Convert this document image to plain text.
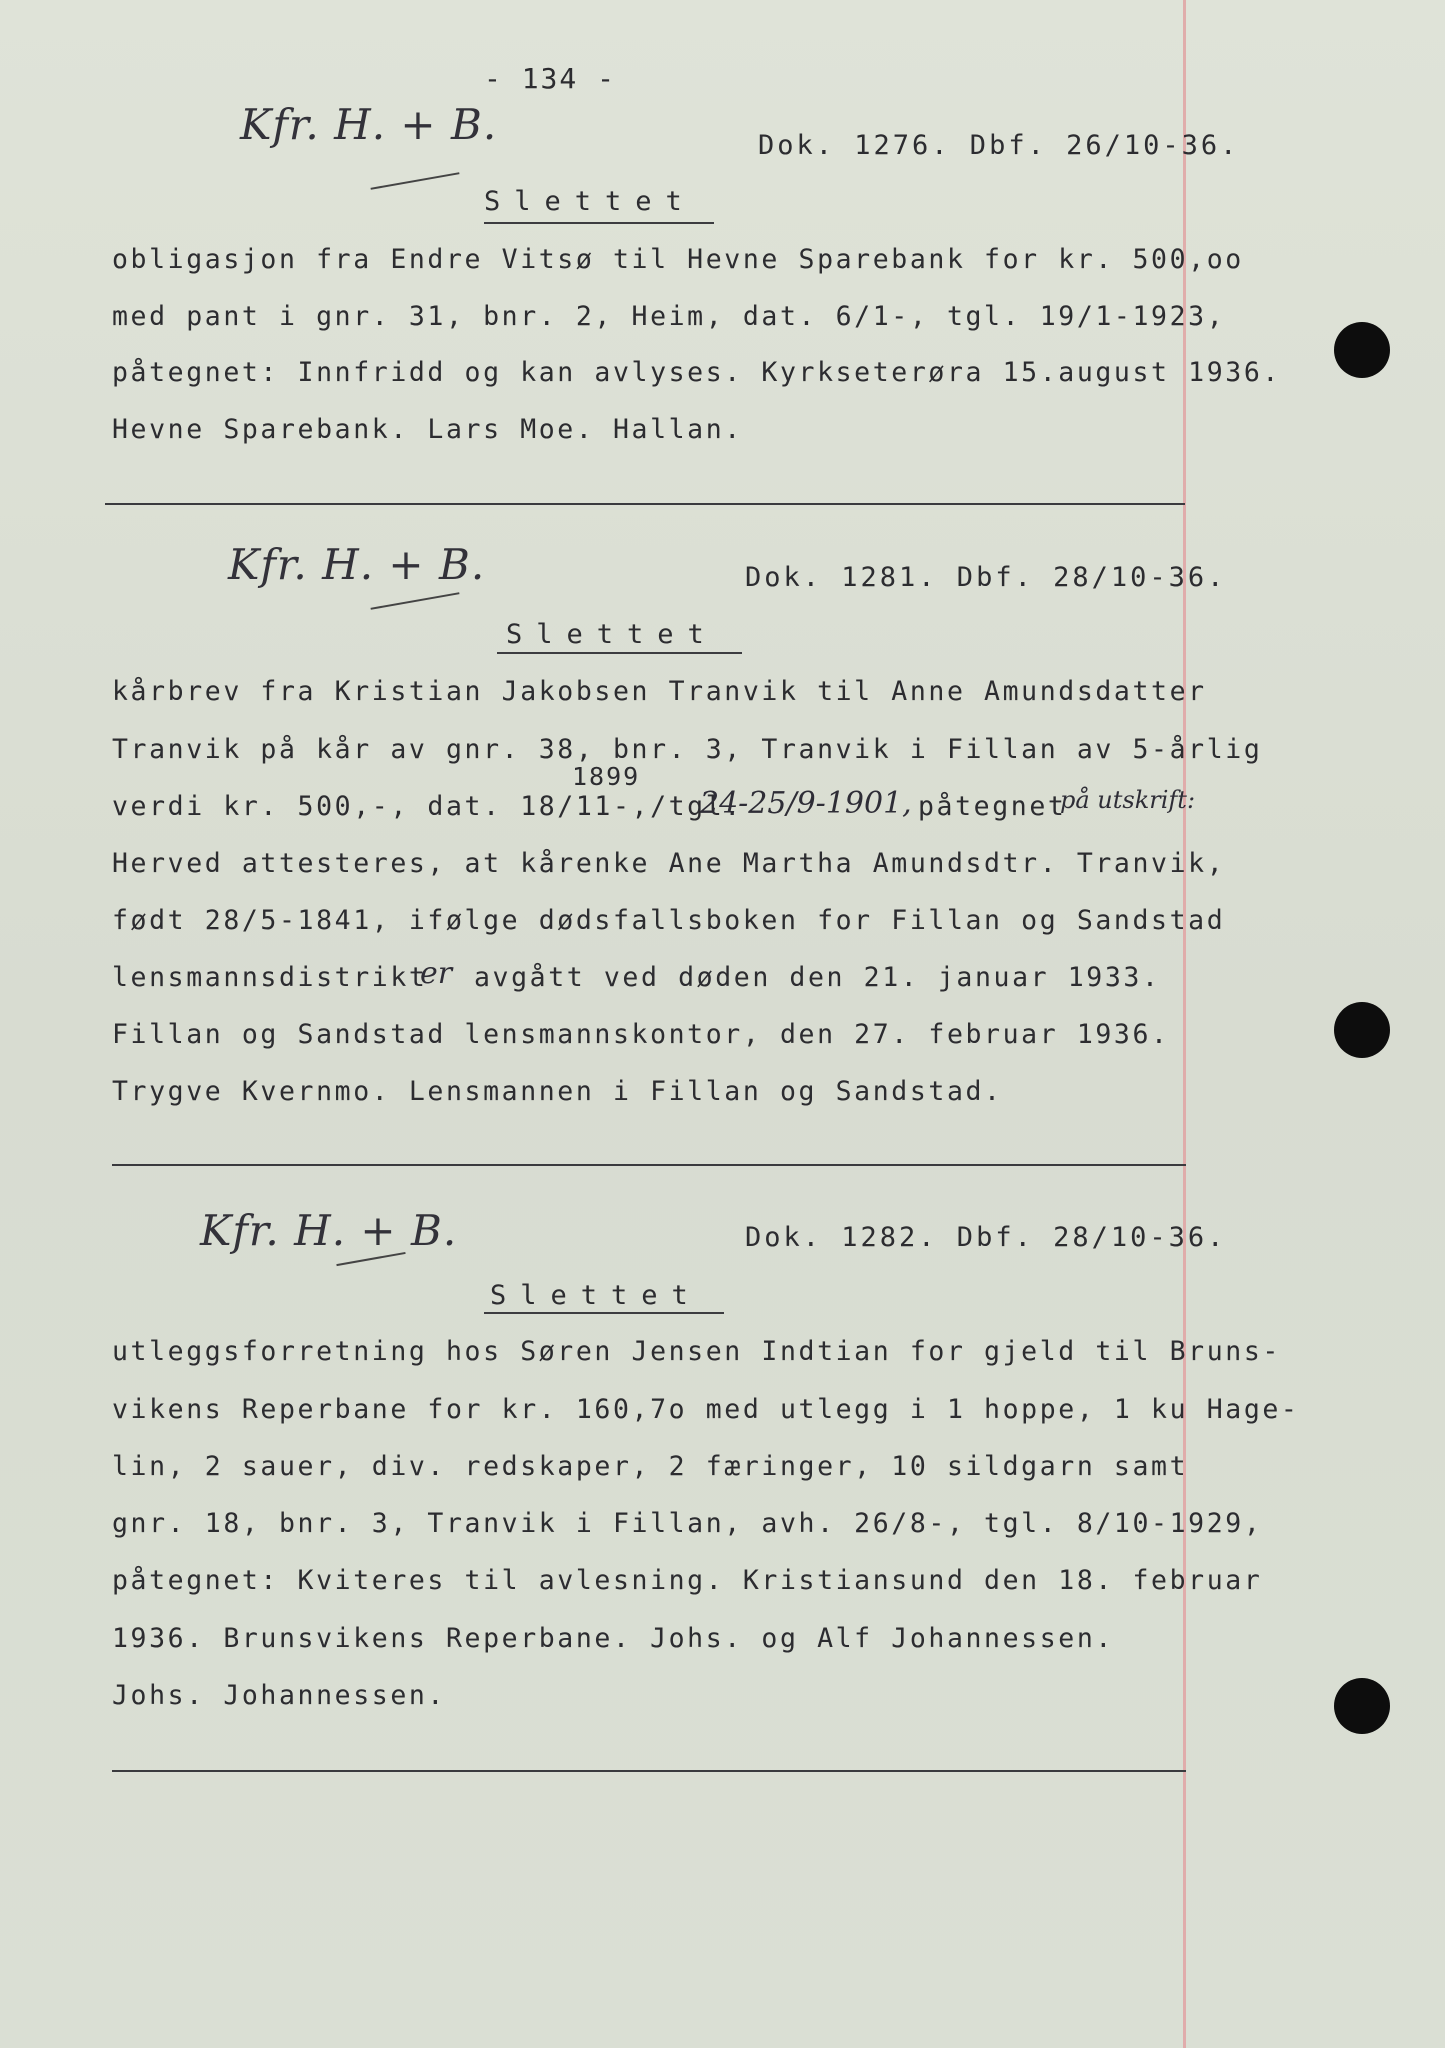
- 134 -
Kfr. H. + B.	Dok. 1276. Dbf. 26/10-36.
Slettet
obligasjon fra Endre Vitsø til Hevne Sparebank for kr. 500,oo
med pant i gnr. 31, bnr. 2, Heim, dat. 6/1-, tgl. 19/1-1923,
påtegnet: Innfridd og kan avlyses. Kyrkseterøra 15.august 1936.
Hevne Sparebank. Lars Moe. Hallan.
Kfr. H. + B.	Dok. 1281. Dbf. 28/10-36.
Slettet
kårbrev fra Kristian Jakobsen Tranvik til Anne Amundsdatter
Tranvik på kår av gnr. 38, bnr. 3, Tranvik i Fillan av 5-årlig
1899
verdi kr. 500,-, dat. 18/11-,/tgl.
24-25/9-1901, påtegnet
på utskrift:
Herved attesteres, at kårenke Ane Martha Amundsdtr. Tranvik,
født 28/5-1841, ifølge dødsfallsboken for Fillan og Sandstad
lensmannsdistrikt
er avgått ved døden den 21. januar 1933.
Fillan og Sandstad lensmannskontor, den 27. februar 1936.
Trygve Kvernmo. Lensmannen i Fillan og Sandstad.
Kfr. H. + B.	Dok. 1282. Dbf. 28/10-36.
Slettet
utleggsforretning hos Søren Jensen Indtian for gjeld til Bruns-
vikens Reperbane for kr. 160,7o med utlegg i 1 hoppe, 1 ku Hage-
lin, 2 sauer, div. redskaper, 2 færinger, 10 sildgarn samt
gnr. 18, bnr. 3, Tranvik i Fillan, avh. 26/8-, tgl. 8/10-1929,
påtegnet: Kviteres til avlesning. Kristiansund den 18. februar
1936. Brunsvikens Reperbane. Johs. og Alf Johannessen.
Johs. Johannessen.
